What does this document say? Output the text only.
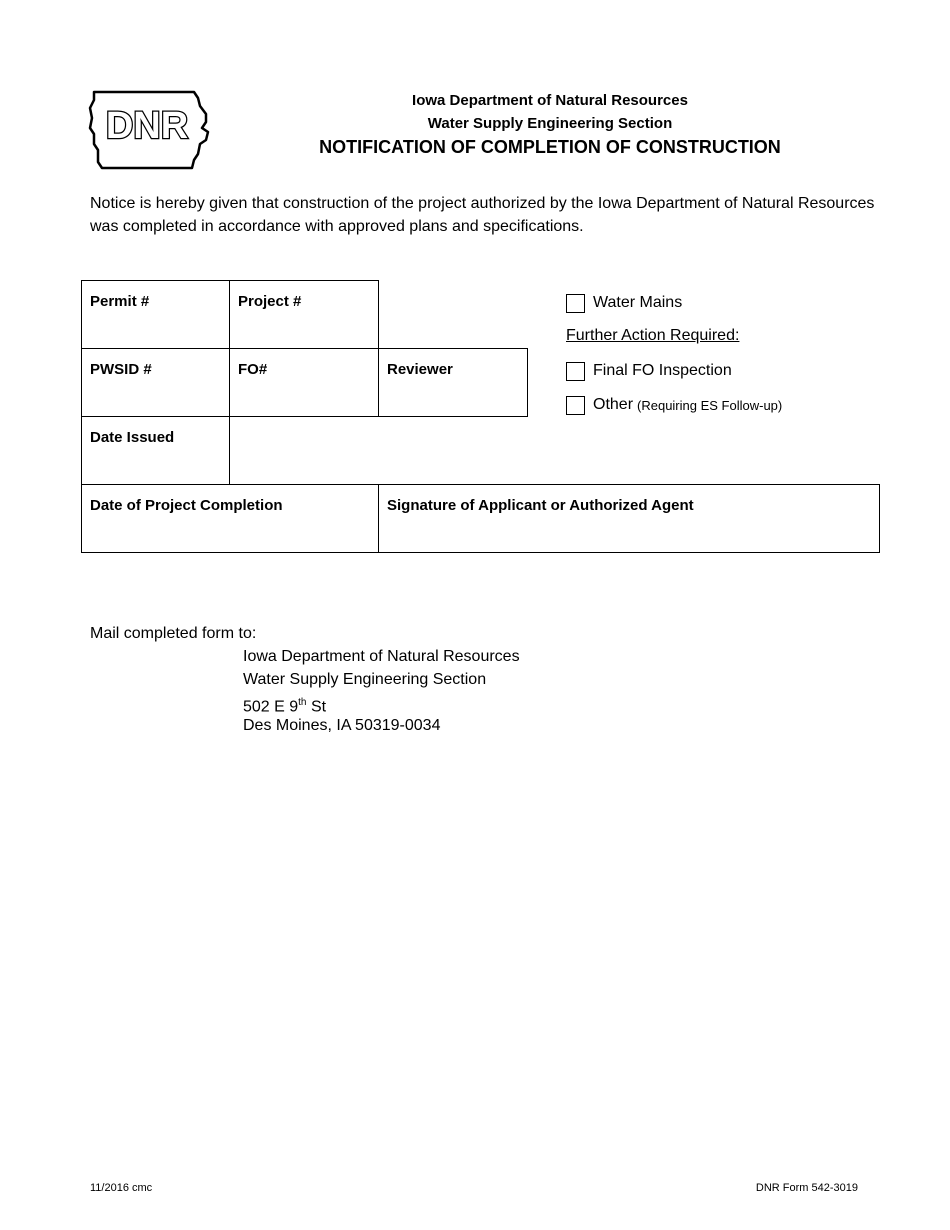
DNR
Iowa Department of Natural Resources
Water Supply Engineering Section
NOTIFICATION OF COMPLETION OF CONSTRUCTION
Notice is hereby given that construction of the project authorized by the Iowa Department of Natural Resources was completed in accordance with approved plans and specifications.
Permit #	Project #
PWSID #	FO#	Reviewer
Date Issued
Date of Project Completion	Signature of Applicant or Authorized Agent
Water Mains
Further Action Required:
Final FO Inspection
Other (Requiring ES Follow-up)
Mail completed form to:
Iowa Department of Natural Resources
Water Supply Engineering Section
502 E 9th St
Des Moines, IA 50319-0034
11/2016 cmc	DNR Form 542-3019
